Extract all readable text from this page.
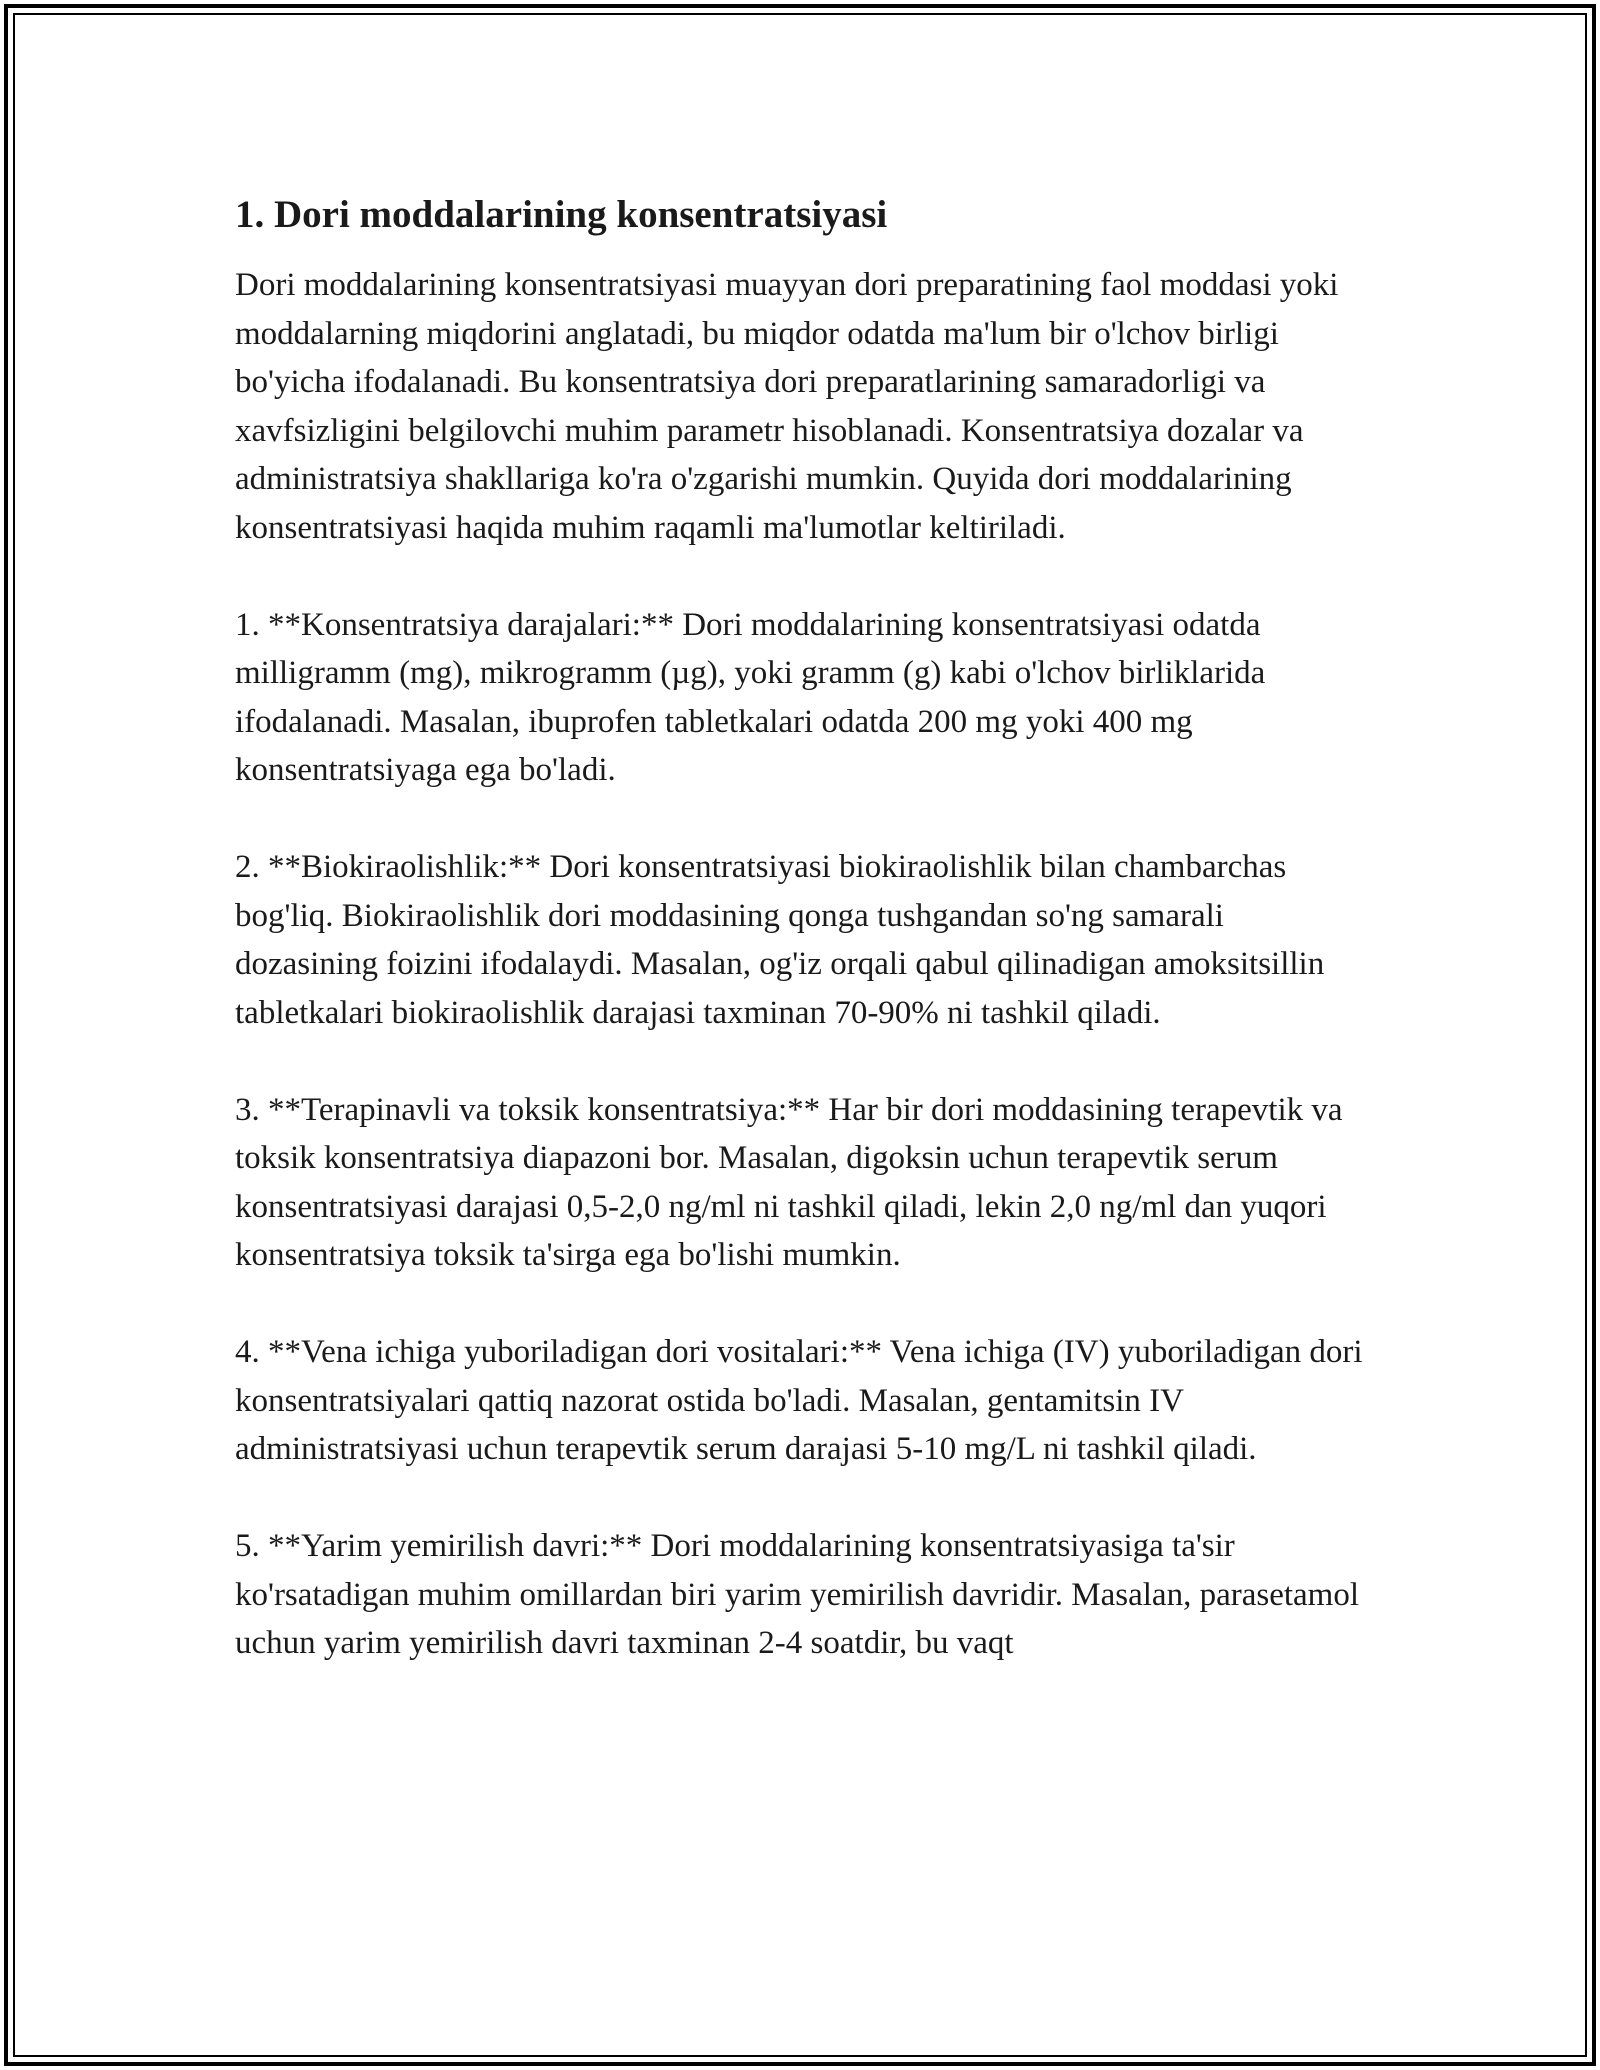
1. Dori moddalarining konsentratsiyasi

Dori moddalarining konsentratsiyasi muayyan dori preparatining faol moddasi yoki moddalarning miqdorini anglatadi, bu miqdor odatda ma'lum bir o'lchov birligi bo'yicha ifodalanadi. Bu konsentratsiya dori preparatlarining samaradorligi va xavfsizligini belgilovchi muhim parametr hisoblanadi. Konsentratsiya dozalar va administratsiya shakllariga ko'ra o'zgarishi mumkin. Quyida dori moddalarining konsentratsiyasi haqida muhim raqamli ma'lumotlar keltiriladi.

1. **Konsentratsiya darajalari:** Dori moddalarining konsentratsiyasi odatda milligramm (mg), mikrogramm (µg), yoki gramm (g) kabi o'lchov birliklarida ifodalanadi. Masalan, ibuprofen tabletkalari odatda 200 mg yoki 400 mg konsentratsiyaga ega bo'ladi.

2. **Biokiraolishlik:** Dori konsentratsiyasi biokiraolishlik bilan chambarchas bog'liq. Biokiraolishlik dori moddasining qonga tushgandan so'ng samarali dozasining foizini ifodalaydi. Masalan, og'iz orqali qabul qilinadigan amoksitsillin tabletkalari biokiraolishlik darajasi taxminan 70-90% ni tashkil qiladi.

3. **Terapinavli va toksik konsentratsiya:** Har bir dori moddasining terapevtik va toksik konsentratsiya diapazoni bor. Masalan, digoksin uchun terapevtik serum konsentratsiyasi darajasi 0,5-2,0 ng/ml ni tashkil qiladi, lekin 2,0 ng/ml dan yuqori konsentratsiya toksik ta'sirga ega bo'lishi mumkin.

4. **Vena ichiga yuboriladigan dori vositalari:** Vena ichiga (IV) yuboriladigan dori konsentratsiyalari qattiq nazorat ostida bo'ladi. Masalan, gentamitsin IV administratsiyasi uchun terapevtik serum darajasi 5-10 mg/L ni tashkil qiladi.

5. **Yarim yemirilish davri:** Dori moddalarining konsentratsiyasiga ta'sir ko'rsatadigan muhim omillardan biri yarim yemirilish davridir. Masalan, parasetamol uchun yarim yemirilish davri taxminan 2-4 soatdir, bu vaqt
